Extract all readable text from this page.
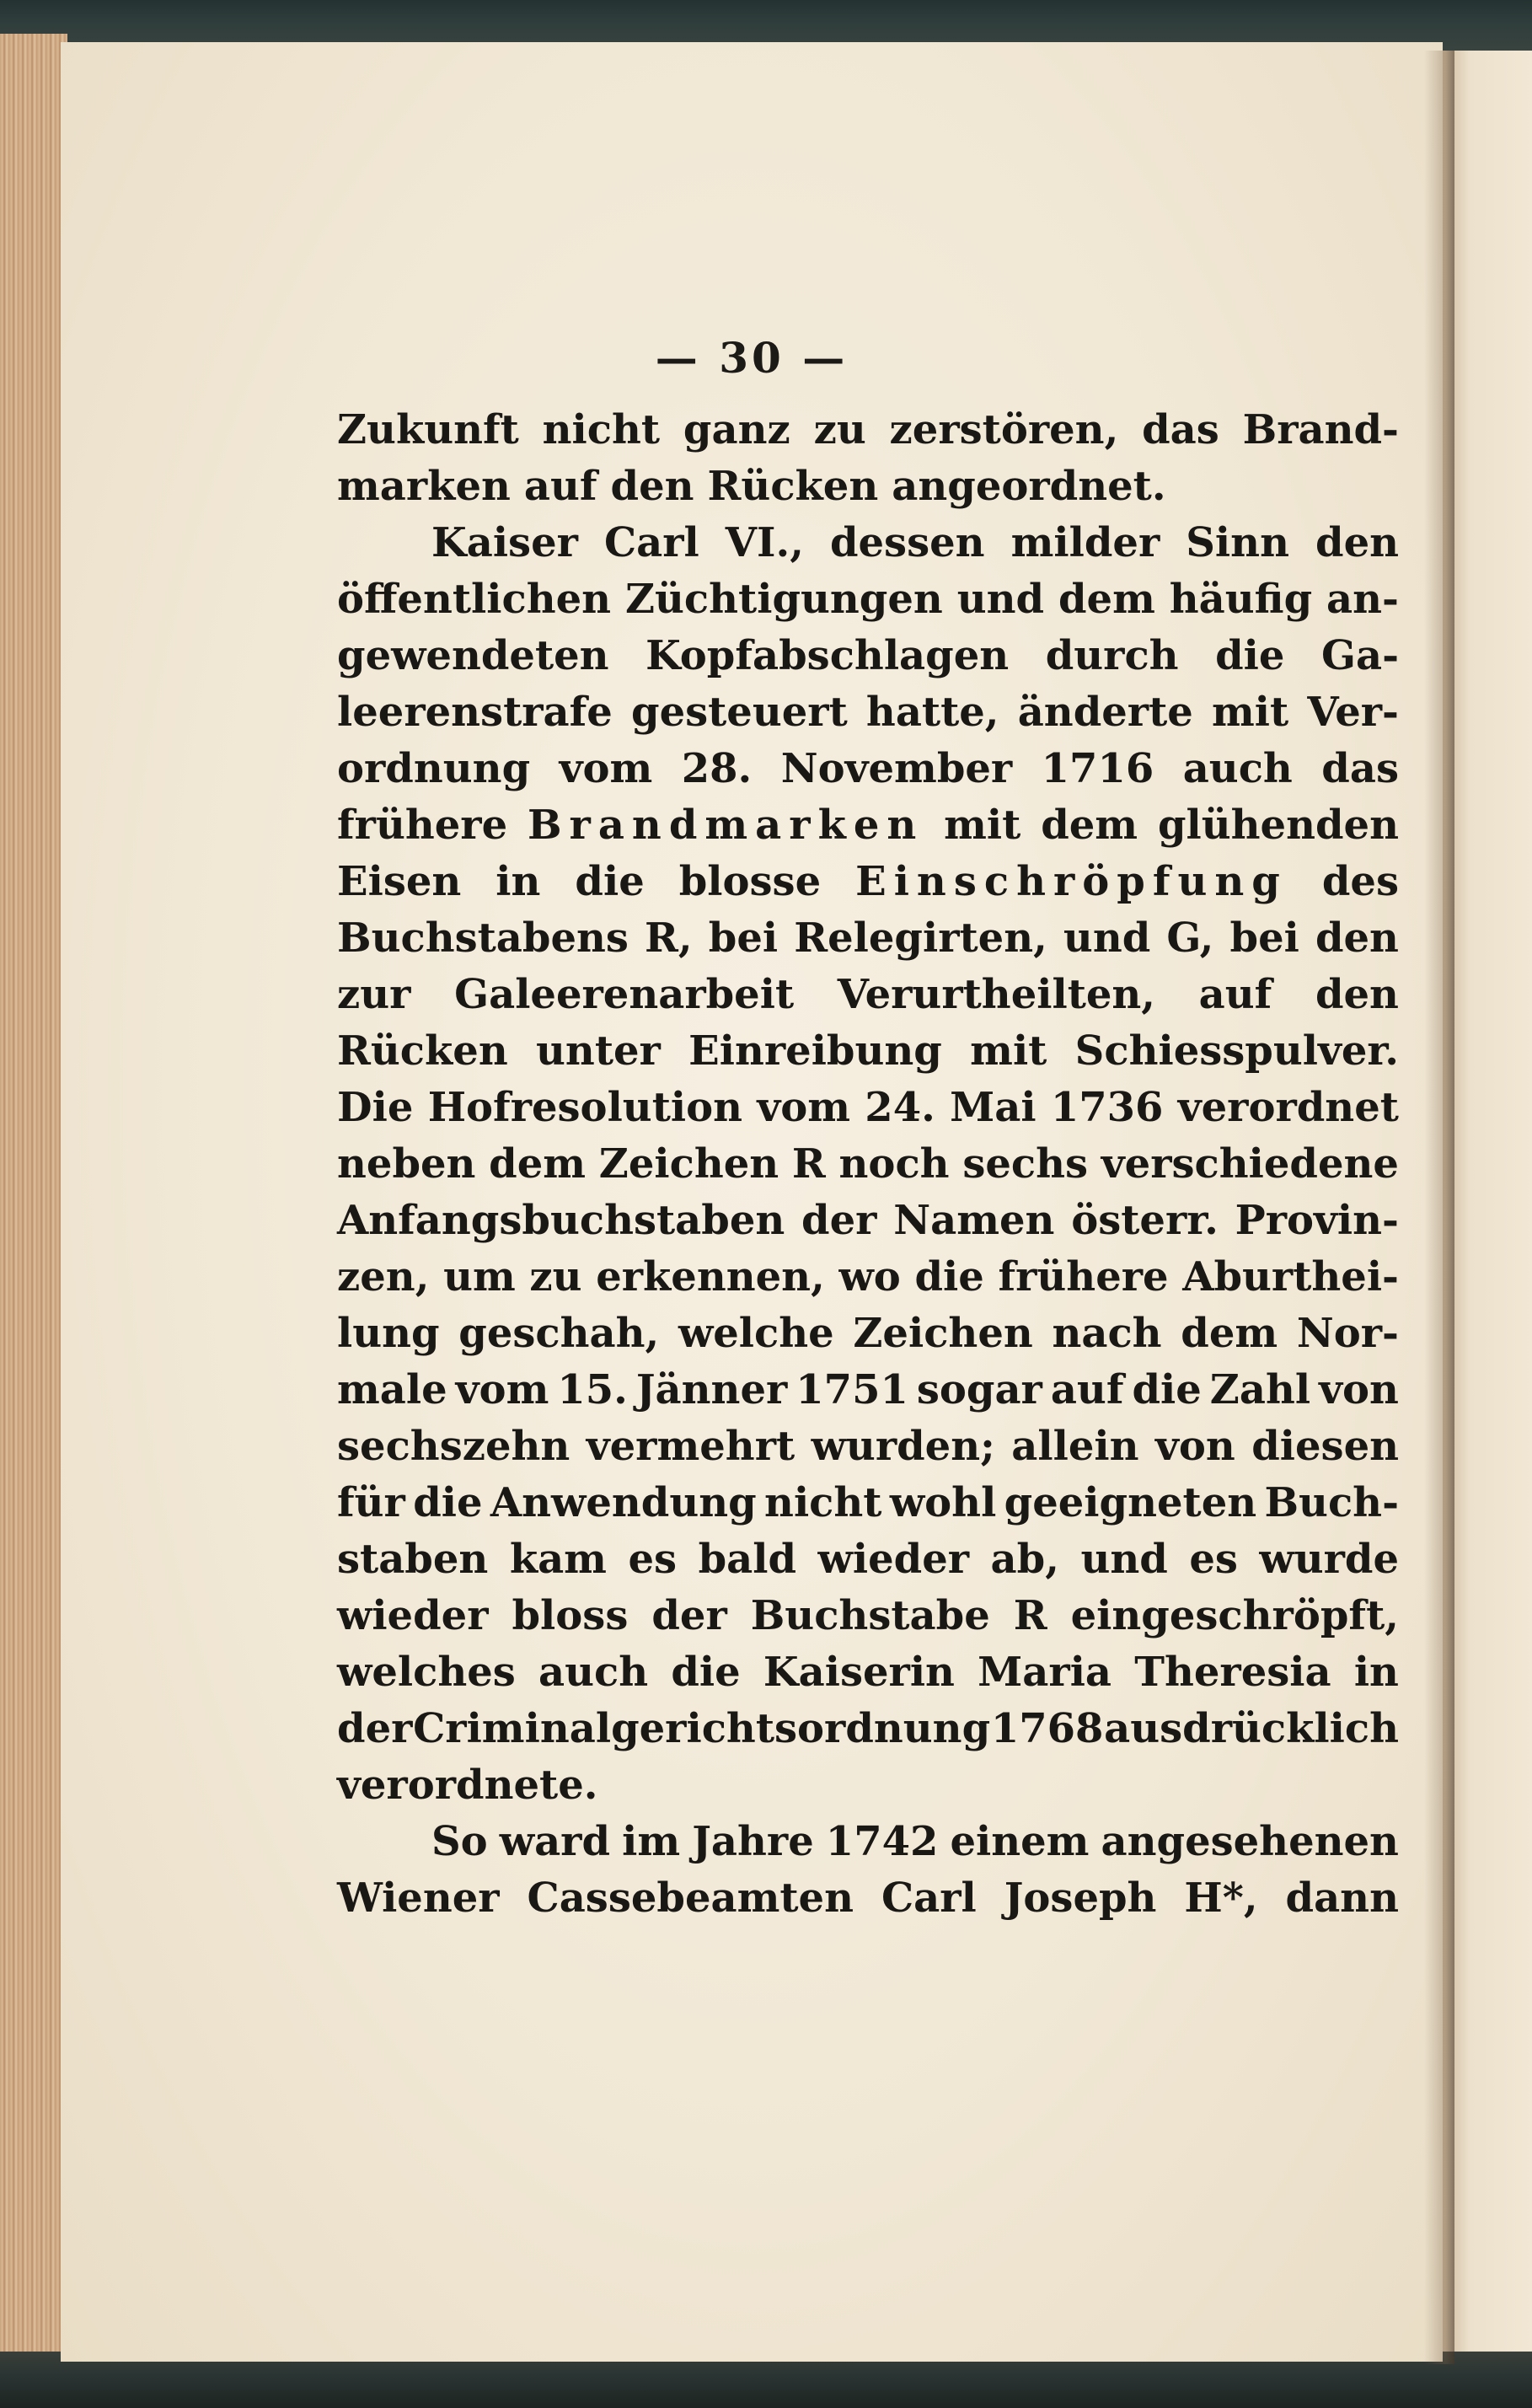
— 30 —
Zukunft nicht ganz zu zerstören, das Brand-
marken auf den Rücken angeordnet.
Kaiser Carl VI., dessen milder Sinn den
öffentlichen Züchtigungen und dem häufig an-
gewendeten Kopfabschlagen durch die Ga-
leerenstrafe gesteuert hatte, änderte mit Ver-
ordnung vom 28. November 1716 auch das
frühere Brandmarken mit dem glühenden
Eisen in die blosse Einschröpfung des
Buchstabens R, bei Relegirten, und G, bei den
zur Galeerenarbeit Verurtheilten, auf den
Rücken unter Einreibung mit Schiesspulver.
Die Hofresolution vom 24. Mai 1736 verordnet
neben dem Zeichen R noch sechs verschiedene
Anfangsbuchstaben der Namen österr. Provin-
zen, um zu erkennen, wo die frühere Aburthei-
lung geschah, welche Zeichen nach dem Nor-
male vom 15. Jänner 1751 sogar auf die Zahl von
sechszehn vermehrt wurden; allein von diesen
für die Anwendung nicht wohl geeigneten Buch-
staben kam es bald wieder ab, und es wurde
wieder bloss der Buchstabe R eingeschröpft,
welches auch die Kaiserin Maria Theresia in
der Criminalgerichtsordnung 1768 ausdrücklich
verordnete.
So ward im Jahre 1742 einem angesehenen
Wiener Cassebeamten Carl Joseph H*, dann
